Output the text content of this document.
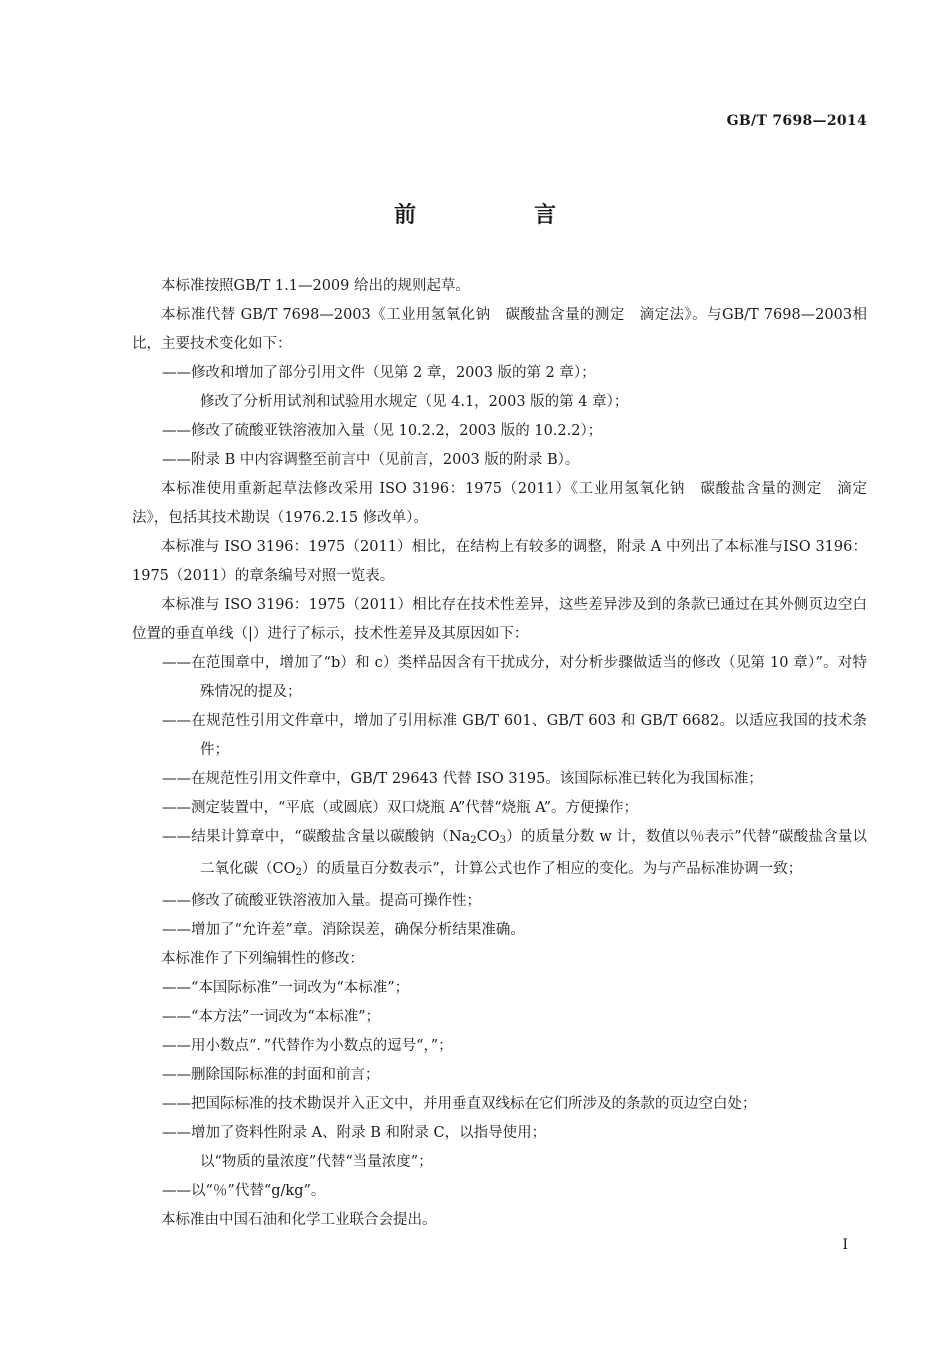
GB/T 7698—2014
前　言

本标准按照GB/T 1.1—2009 给出的规则起草。

本标准代替 GB/T 7698—2003《工业用氢氧化钠　碳酸盐含量的测定　滴定法》。与GB/T 7698—2003相比，主要技术变化如下：

——修改和增加了部分引用文件（见第 2 章，2003 版的第 2 章）；

修改了分析用试剂和试验用水规定（见 4.1，2003 版的第 4 章）；

——修改了硫酸亚铁溶液加入量（见 10.2.2，2003 版的 10.2.2）；

——附录 B 中内容调整至前言中（见前言，2003 版的附录 B）。

本标准使用重新起草法修改采用 ISO 3196：1975（2011）《工业用氢氧化钠　碳酸盐含量的测定　滴定法》，包括其技术勘误（1976.2.15 修改单）。

本标准与 ISO 3196：1975（2011）相比，在结构上有较多的调整，附录 A 中列出了本标准与ISO 3196：1975（2011）的章条编号对照一览表。

本标准与 ISO 3196：1975（2011）相比存在技术性差异，这些差异涉及到的条款已通过在其外侧页边空白位置的垂直单线（|）进行了标示，技术性差异及其原因如下：

——在范围章中，增加了“b）和 c）类样品因含有干扰成分，对分析步骤做适当的修改（见第 10 章）”。对特殊情况的提及；

——在规范性引用文件章中，增加了引用标准 GB/T 601、GB/T 603 和 GB/T 6682。以适应我国的技术条件；

——在规范性引用文件章中，GB/T 29643 代替 ISO 3195。该国际标准已转化为我国标准；

——测定装置中，“平底（或圆底）双口烧瓶 A”代替“烧瓶 A”。方便操作；

——结果计算章中，“碳酸盐含量以碳酸钠$(Na_2CO_3)$的质量分数 w 计，数值以％表示”代替“碳酸盐含量以二氧化碳$(CO_2)$的质量百分数表示”，计算公式也作了相应的变化。为与产品标准协调一致；

——修改了硫酸亚铁溶液加入量。提高可操作性；

——增加了“允许差”章。消除误差，确保分析结果准确。

本标准作了下列编辑性的修改：

——“本国际标准”一词改为“本标准”；

——“本方法”一词改为“本标准”；

——用小数点“．”代替作为小数点的逗号“，”；

——删除国际标准的封面和前言；

——把国际标准的技术勘误并入正文中，并用垂直双线标在它们所涉及的条款的页边空白处；

——增加了资料性附录 A、附录 B 和附录 C，以指导使用；

以“物质的量浓度”代替“当量浓度”；

——以“％”代替“g/kg”。

本标准由中国石油和化学工业联合会提出。

I
